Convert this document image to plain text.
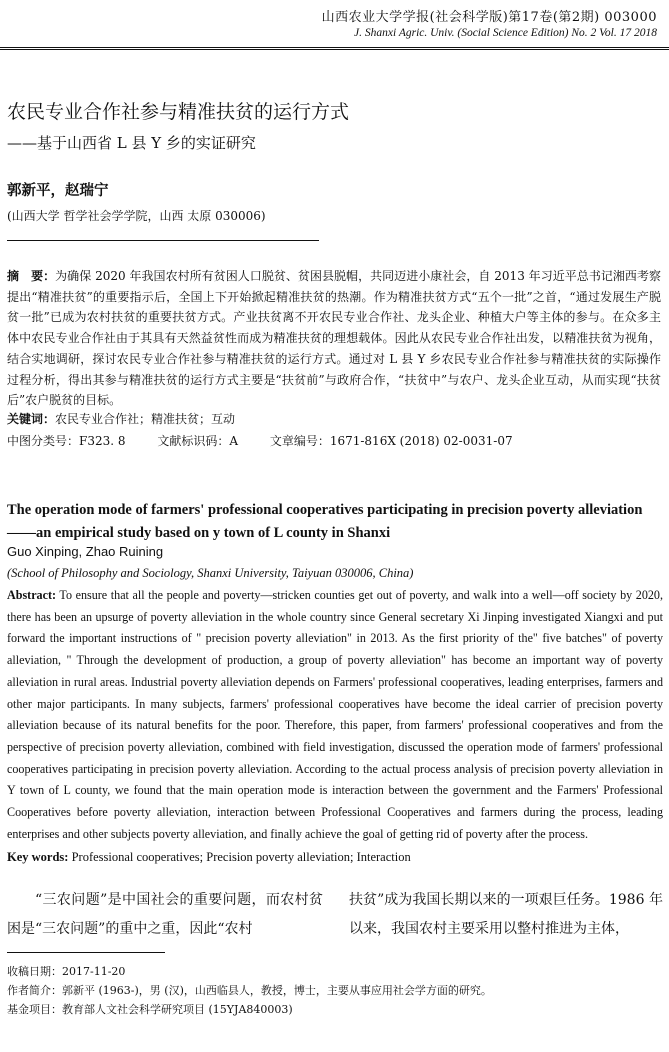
山西农业大学学报(社会科学版)第17卷(第2期) 003000
J. Shanxi Agric. Univ. (Social Science Edition) No. 2 Vol. 17 2018
农民专业合作社参与精准扶贫的运行方式
——基于山西省 L 县 Y 乡的实证研究
郭新平，赵瑞宁
(山西大学 哲学社会学学院，山西 太原 030006)
摘　要：为确保 2020 年我国农村所有贫困人口脱贫、贫困县脱帽，共同迈进小康社会，自 2013 年习近平总书记湘西考察提出“精准扶贫”的重要指示后，全国上下开始掀起精准扶贫的热潮。作为精准扶贫方式“五个一批”之首，“通过发展生产脱贫一批”已成为农村扶贫的重要扶贫方式。产业扶贫离不开农民专业合作社、龙头企业、种植大户等主体的参与。在众多主体中农民专业合作社由于其具有天然益贫性而成为精准扶贫的理想载体。因此从农民专业合作社出发，以精准扶贫为视角，结合实地调研，探讨农民专业合作社参与精准扶贫的运行方式。通过对 L 县 Y 乡农民专业合作社参与精准扶贫的实际操作过程分析，得出其参与精准扶贫的运行方式主要是“扶贫前”与政府合作，“扶贫中”与农户、龙头企业互动，从而实现“扶贫后”农户脱贫的目标。
关键词：农民专业合作社；精准扶贫；互动
中图分类号：F323. 8	文献标识码：A	文章编号：1671-816X (2018) 02-0031-07
The operation mode of farmers' professional cooperatives participating in precision poverty alleviation——an empirical study based on y town of L county in Shanxi
Guo Xinping, Zhao Ruining
(School of Philosophy and Sociology, Shanxi University, Taiyuan 030006, China)
Abstract: To ensure that all the people and poverty—stricken counties get out of poverty, and walk into a well—off society by 2020, there has been an upsurge of poverty alleviation in the whole country since General secretary Xi Jinping investigated Xiangxi and put forward the important instructions of " precision poverty alleviation" in 2013. As the first priority of the" five batches" of poverty alleviation, " Through the development of production, a group of poverty alleviation" has become an important way of poverty alleviation in rural areas. Industrial poverty alleviation depends on Farmers' professional cooperatives, leading enterprises, farmers and other major participants. In many subjects, farmers' professional cooperatives have become the ideal carrier of precision poverty alleviation because of its natural benefits for the poor. Therefore, this paper, from farmers' professional cooperatives and from the perspective of precision poverty alleviation, combined with field investigation, discussed the operation mode of farmers' professional cooperatives participating in precision poverty alleviation. According to the actual process analysis of precision poverty alleviation in Y town of L county, we found that the main operation mode is interaction between the government and the Farmers' Professional Cooperatives before poverty alleviation, interaction between Professional Cooperatives and farmers during the process, leading enterprises and other subjects poverty alleviation, and finally achieve the goal of getting rid of poverty after the process.
Key words: Professional cooperatives; Precision poverty alleviation; Interaction
“三农问题”是中国社会的重要问题，而农村贫困是“三农问题”的重中之重，因此“农村
扶贫”成为我国长期以来的一项艰巨任务。1986 年以来，我国农村主要采用以整村推进为主体，
收稿日期：2017-11-20
作者简介：郭新平 (1963-)，男 (汉)，山西临县人，教授，博士，主要从事应用社会学方面的研究。
基金项目：教育部人文社会科学研究项目 (15YJA840003)
